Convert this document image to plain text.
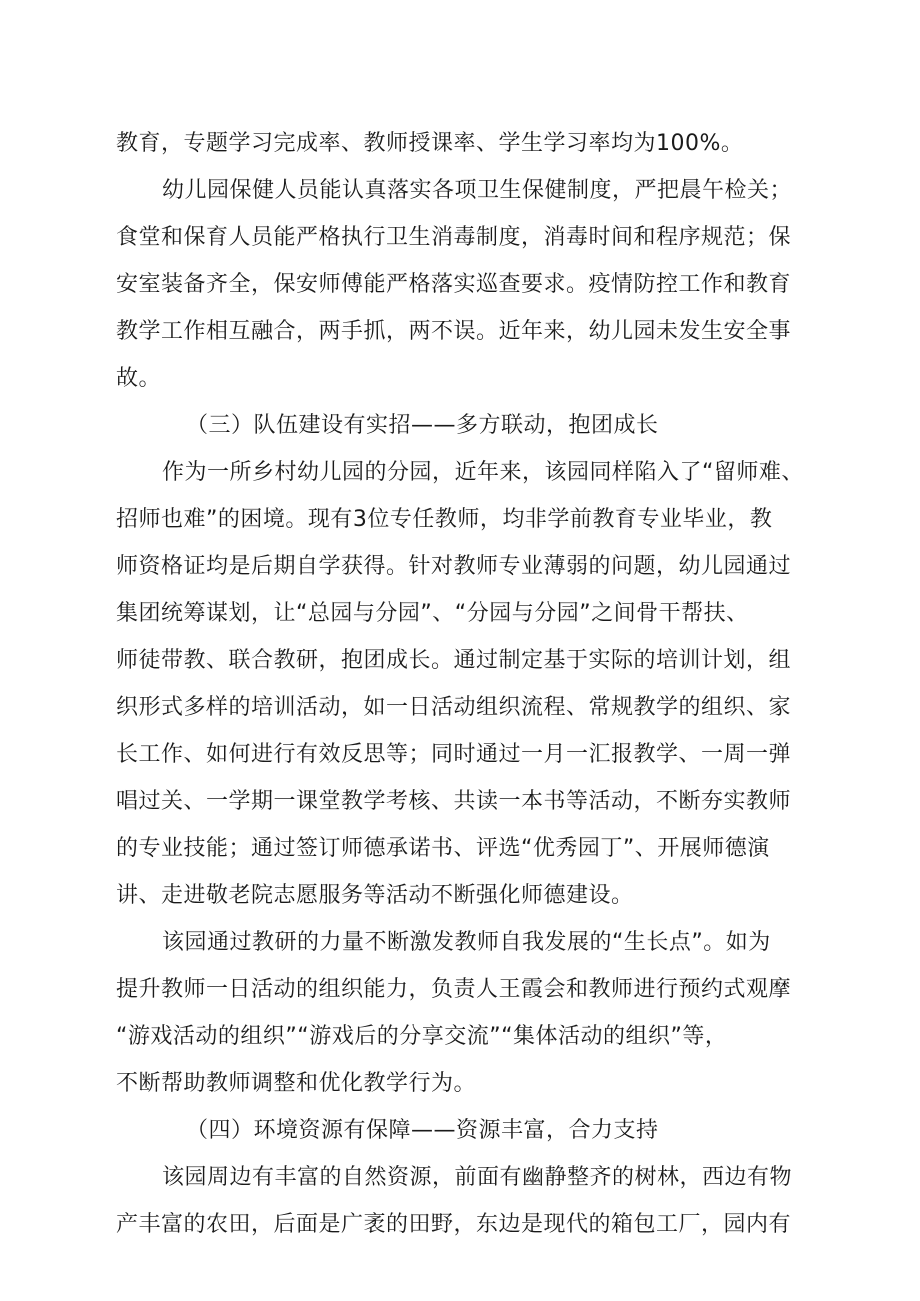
教育，专题学习完成率、教师授课率、学生学习率均为100%。
幼儿园保健人员能认真落实各项卫生保健制度，严把晨午检关；
食堂和保育人员能严格执行卫生消毒制度，消毒时间和程序规范；保
安室装备齐全，保安师傅能严格落实巡查要求。疫情防控工作和教育
教学工作相互融合，两手抓，两不误。近年来，幼儿园未发生安全事
故。
（三）队伍建设有实招——多方联动，抱团成长
作为一所乡村幼儿园的分园，近年来，该园同样陷入了“留师难、
招师也难”的困境。现有3位专任教师，均非学前教育专业毕业，教
师资格证均是后期自学获得。针对教师专业薄弱的问题，幼儿园通过
集团统筹谋划，让“总园与分园”、“分园与分园”之间骨干帮扶、
师徒带教、联合教研，抱团成长。通过制定基于实际的培训计划，组
织形式多样的培训活动，如一日活动组织流程、常规教学的组织、家
长工作、如何进行有效反思等；同时通过一月一汇报教学、一周一弹
唱过关、一学期一课堂教学考核、共读一本书等活动，不断夯实教师
的专业技能；通过签订师德承诺书、评选“优秀园丁”、开展师德演
讲、走进敬老院志愿服务等活动不断强化师德建设。
该园通过教研的力量不断激发教师自我发展的“生长点”。如为
提升教师一日活动的组织能力，负责人王霞会和教师进行预约式观摩
“游戏活动的组织”“游戏后的分享交流”“集体活动的组织”等，
不断帮助教师调整和优化教学行为。
（四）环境资源有保障——资源丰富，合力支持
该园周边有丰富的自然资源，前面有幽静整齐的树林，西边有物
产丰富的农田，后面是广袤的田野，东边是现代的箱包工厂，园内有
